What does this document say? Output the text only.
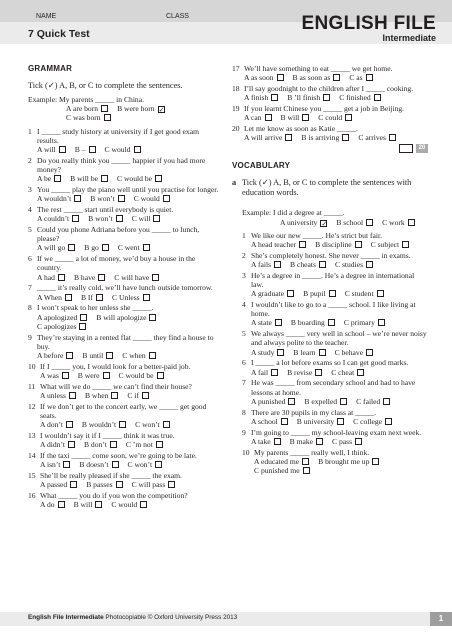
NAME	CLASS	ENGLISH FILE
Intermediate
7 Quick Test
GRAMMAR
Tick (✓) A, B, or C to complete the sentences.
Example: My parents _____ in China.
A are born	B were born ✓C was born
1 I _____ study history at university if I get good exam results.
A will	B –	C would
2 Do you really think you _____ happier if you had more money?
A be	B will be	C would be
3 You _____ play the piano well until you practise for longer.
A wouldn’t	B won’t	C would
4 The rest _____ start until everybody is quiet.
A couldn’t	B won’t	C will
5 Could you phone Adriana before you _____ to lunch, please?
A will go	B go	C went
6 If we _____ a lot of money, we’d buy a house in the country.
A had	B have	C will have
7 _____ it’s really cold, we’ll have lunch outside tomorrow.
A When	B If	C Unless
8 I won’t speak to her unless she _____.
A apologized	B will apologize
C apologizes
9 They’re staying in a rented flat _____ they find a house to buy.
A before	B until	C when
10 If I _____ you, I would look for a better-paid job.
A was	B were	C would be
11 What will we do _____ we can’t find their house?
A unless	B when	C if
12 If we don’t get to the concert early, we _____ get good seats.
A don’t	B wouldn’t	C won’t
13 I wouldn’t say it if I _____ think it was true.
A didn’t	B don’t	C ’m not
14 If the taxi _____ come soon, we’re going to be late.
A isn’t	B doesn’t	C won’t
15 She’ll be really pleased if she _____ the exam.
A passed	B passes	C will pass
16 What _____ you do if you won the competition?
A do	B will	C would
17 We’ll have something to eat _____ we get home.
A as soon	B as soon as	C as
18 I’ll say goodnight to the children after I _____ cooking.
A finish	B ’ll finish	C finished
19 If you learnt Chinese you _____ get a job in Beijing.
A can	B will	C could
20 Let me know as soon as Katie _____.
A will arrive	B is arriving	C arrives
20
VOCABULARY
a Tick (✓) A, B, or C to complete the sentences with education words.
Example: I did a degree at _____.
A university ✓ B school	C work
1 We like our new _____. He’s strict but fair.
A head teacher	B discipline	C subject
2 She’s completely honest. She never _____ in exams.
A fails	B cheats	C studies
3 He’s a degree in _____. He’s a degree in international law.
A graduate	B pupil	C student
4 I wouldn’t like to go to a _____ school. I like living at home.
A state	B boarding	C primary
5 We always _____ very well in school – we’re never noisy and always polite to the teacher.
A study	B learn	C behave
6 I _____ a lot before exams so I can get good marks.
A fail	B revise	C cheat
7 He was _____ from secondary school and had to have lessons at home.
A punished	B expelled	C failed
8 There are 30 pupils in my class at _____.
A school	B university	C college
9 I’m going to _____ my school-leaving exam next week.
A take	B make	C pass
10 My parents _____ really well, I think.
A educated me	B brought me up
C punished me
English File Intermediate Photocopiable © Oxford University Press 2013	1
